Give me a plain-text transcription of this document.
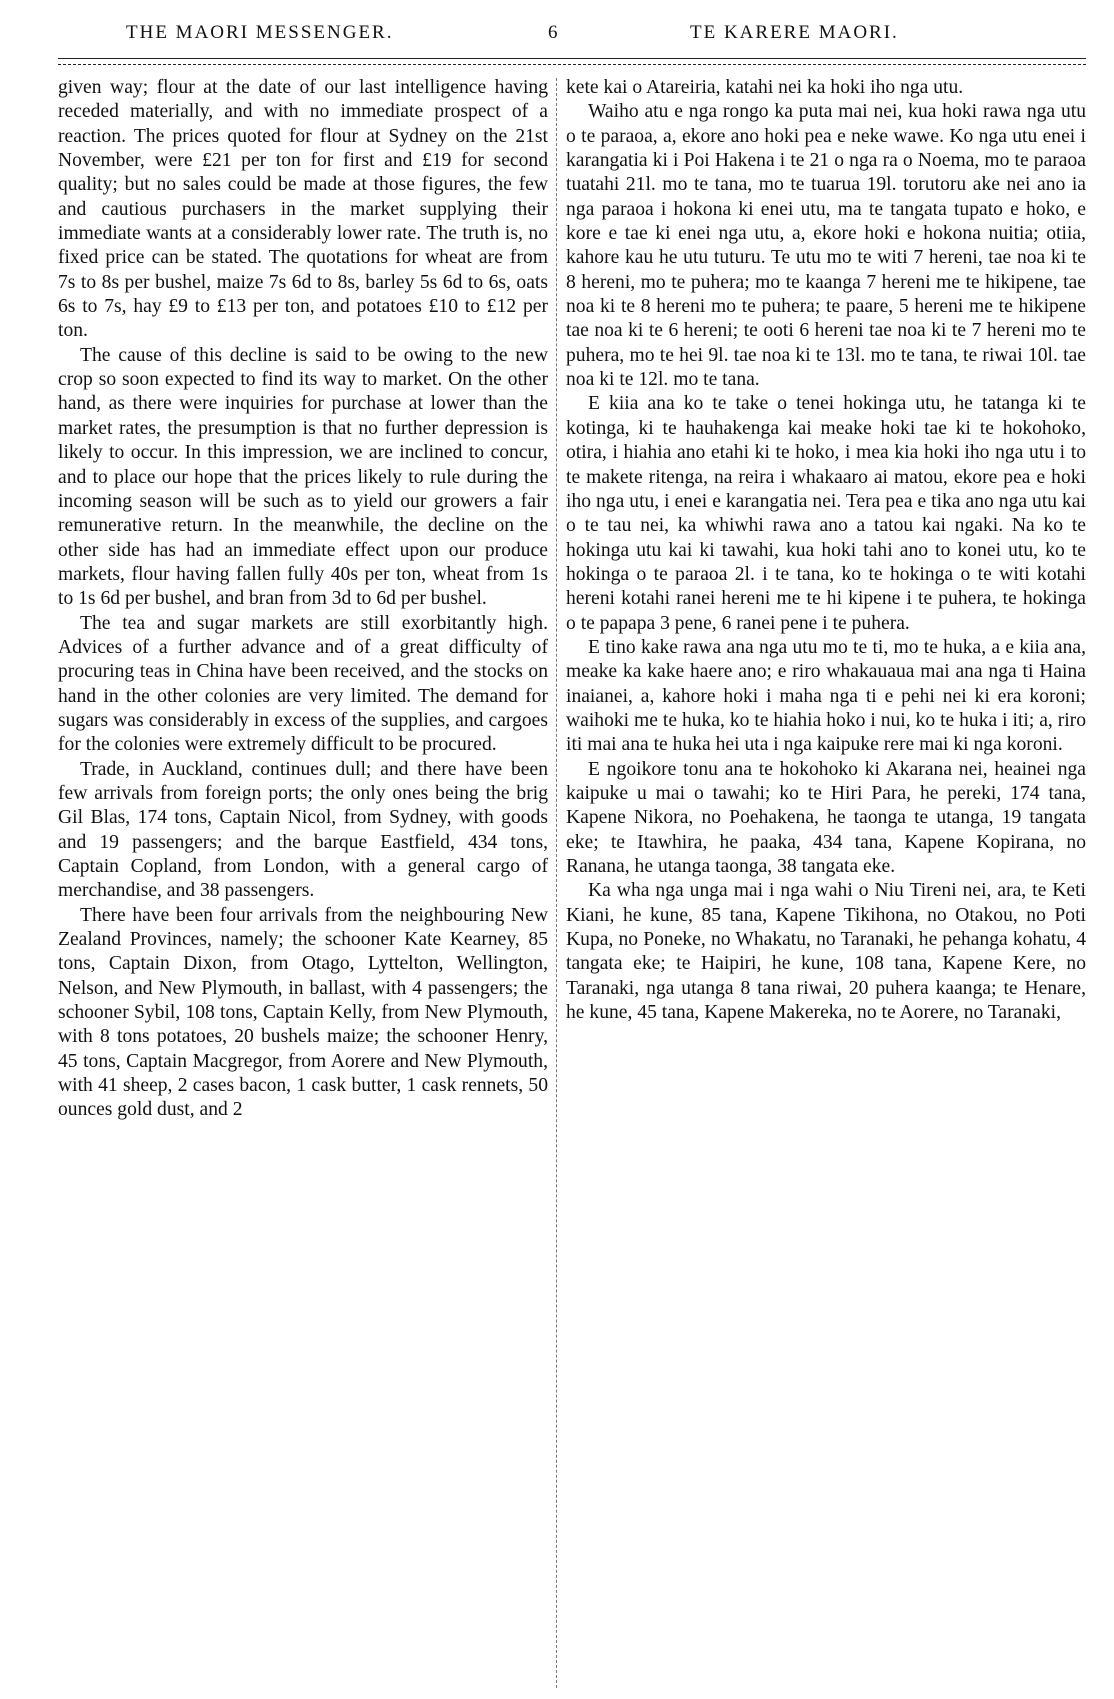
THE MAORI MESSENGER.	6	TE KARERE MAORI.

given way; flour at the date of our last intelligence having receded materially, and with no immediate prospect of a reaction. The prices quoted for flour at Sydney on the 21st November, were £21 per ton for first and £19 for second quality; but no sales could be made at those figures, the few and cautious purchasers in the market supplying their immediate wants at a considerably lower rate. The truth is, no fixed price can be stated. The quotations for wheat are from 7s to 8s per bushel, maize 7s 6d to 8s, barley 5s 6d to 6s, oats 6s to 7s, hay £9 to £13 per ton, and potatoes £10 to £12 per ton.

The cause of this decline is said to be owing to the new crop so soon expected to find its way to market. On the other hand, as there were inquiries for purchase at lower than the market rates, the presumption is that no further depression is likely to occur. In this impression, we are inclined to concur, and to place our hope that the prices likely to rule during the incoming season will be such as to yield our growers a fair remunerative return. In the meanwhile, the decline on the other side has had an immediate effect upon our produce markets, flour having fallen fully 40s per ton, wheat from 1s to 1s 6d per bushel, and bran from 3d to 6d per bushel.

The tea and sugar markets are still exorbitantly high. Advices of a further advance and of a great difficulty of procuring teas in China have been received, and the stocks on hand in the other colonies are very limited. The demand for sugars was considerably in excess of the supplies, and cargoes for the colonies were extremely difficult to be procured.

Trade, in Auckland, continues dull; and there have been few arrivals from foreign ports; the only ones being the brig Gil Blas, 174 tons, Captain Nicol, from Sydney, with goods and 19 passengers; and the barque Eastfield, 434 tons, Captain Copland, from London, with a general cargo of merchandise, and 38 passengers.

There have been four arrivals from the neighbouring New Zealand Provinces, namely; the schooner Kate Kearney, 85 tons, Captain Dixon, from Otago, Lyttelton, Wellington, Nelson, and New Plymouth, in ballast, with 4 passengers; the schooner Sybil, 108 tons, Captain Kelly, from New Plymouth, with 8 tons potatoes, 20 bushels maize; the schooner Henry, 45 tons, Captain Macgregor, from Aorere and New Plymouth, with 41 sheep, 2 cases bacon, 1 cask butter, 1 cask rennets, 50 ounces gold dust, and 2

kete kai o Atareiria, katahi nei ka hoki iho nga utu.

Waiho atu e nga rongo ka puta mai nei, kua hoki rawa nga utu o te paraoa, a, ekore ano hoki pea e neke wawe. Ko nga utu enei i karangatia ki i Poi Hakena i te 21 o nga ra o Noema, mo te paraoa tuatahi 21l. mo te tana, mo te tuarua 19l. torutoru ake nei ano ia nga paraoa i hokona ki enei utu, ma te tangata tupato e hoko, e kore e tae ki enei nga utu, a, ekore hoki e hokona nuitia; otiia, kahore kau he utu tuturu. Te utu mo te witi 7 hereni, tae noa ki te 8 hereni, mo te puhera; mo te kaanga 7 hereni me te hikipene, tae noa ki te 8 hereni mo te puhera; te paare, 5 hereni me te hikipene tae noa ki te 6 hereni; te ooti 6 hereni tae noa ki te 7 hereni mo te puhera, mo te hei 9l. tae noa ki te 13l. mo te tana, te riwai 10l. tae noa ki te 12l. mo te tana.

E kiia ana ko te take o tenei hokinga utu, he tatanga ki te kotinga, ki te hauhakenga kai meake hoki tae ki te hokohoko, otira, i hiahia ano etahi ki te hoko, i mea kia hoki iho nga utu i to te makete ritenga, na reira i whakaaro ai matou, ekore pea e hoki iho nga utu, i enei e karangatia nei. Tera pea e tika ano nga utu kai o te tau nei, ka whiwhi rawa ano a tatou kai ngaki. Na ko te hokinga utu kai ki tawahi, kua hoki tahi ano to konei utu, ko te hokinga o te paraoa 2l. i te tana, ko te hokinga o te witi kotahi hereni kotahi ranei hereni me te hi kipene i te puhera, te hokinga o te papapa 3 pene, 6 ranei pene i te puhera.

E tino kake rawa ana nga utu mo te ti, mo te huka, a e kiia ana, meake ka kake haere ano; e riro whakauaua mai ana nga ti Haina inaianei, a, kahore hoki i maha nga ti e pehi nei ki era koroni; waihoki me te huka, ko te hiahia hoko i nui, ko te huka i iti; a, riro iti mai ana te huka hei uta i nga kaipuke rere mai ki nga koroni.

E ngoikore tonu ana te hokohoko ki Akarana nei, heainei nga kaipuke u mai o tawahi; ko te Hiri Para, he pereki, 174 tana, Kapene Nikora, no Poehakena, he taonga te utanga, 19 tangata eke; te Itawhira, he paaka, 434 tana, Kapene Kopirana, no Ranana, he utanga taonga, 38 tangata eke.

Ka wha nga unga mai i nga wahi o Niu Tireni nei, ara, te Keti Kiani, he kune, 85 tana, Kapene Tikihona, no Otakou, no Poti Kupa, no Poneke, no Whakatu, no Taranaki, he pehanga kohatu, 4 tangata eke; te Haipiri, he kune, 108 tana, Kapene Kere, no Taranaki, nga utanga 8 tana riwai, 20 puhera kaanga; te Henare, he kune, 45 tana, Kapene Makereka, no te Aorere, no Taranaki,
